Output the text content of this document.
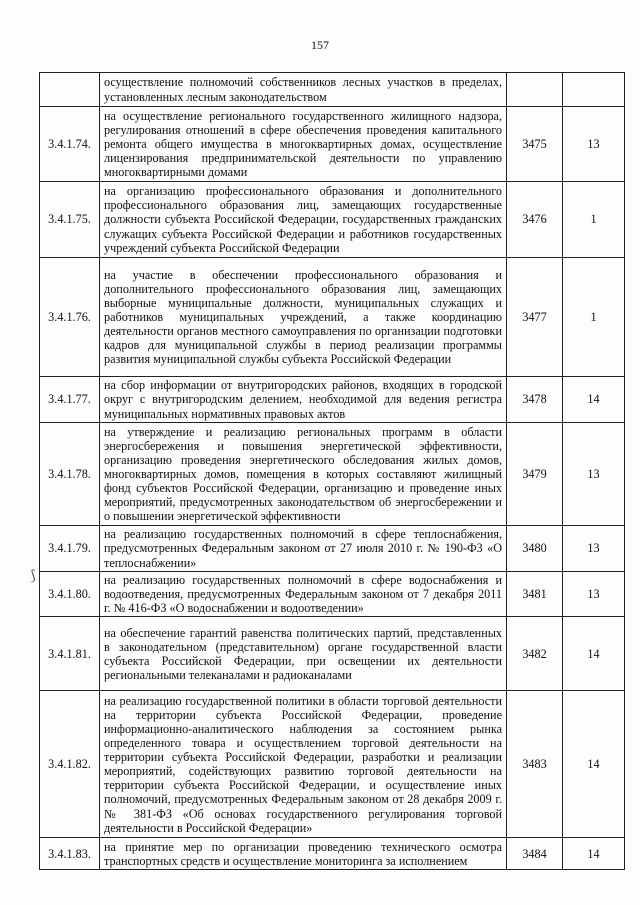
157
⟆
	осуществление полномочий собственников лесных участков в пределах, установленных лесным законодательством		
3.4.1.74.	на осуществление регионального государственного жилищного надзора, регулирования отношений в сфере обеспечения проведения капитального ремонта общего имущества в многоквартирных домах, осуществление лицензирования предпринимательской деятельности по управлению многоквартирными домами	3475	13
3.4.1.75.	на организацию профессионального образования и дополнительного профессионального образования лиц, замещающих государственные должности субъекта Российской Федерации, государственных гражданских служащих субъекта Российской Федерации и работников государственных учреждений субъекта Российской Федерации	3476	1
3.4.1.76.	на участие в обеспечении профессионального образования и дополнительного профессионального образования лиц, замещающих выборные муниципальные должности, муниципальных служащих и работников муниципальных учреждений, а также координацию деятельности органов местного самоуправления по организации подготовки кадров для муниципальной службы в период реализации программы развития муниципальной службы субъекта Российской Федерации	3477	1
3.4.1.77.	на сбор информации от внутригородских районов, входящих в городской округ с внутригородским делением, необходимой для ведения регистра муниципальных нормативных правовых актов	3478	14
3.4.1.78.	на утверждение и реализацию региональных программ в области энергосбережения и повышения энергетической эффективности, организацию проведения энергетического обследования жилых домов, многоквартирных домов, помещения в которых составляют жилищный фонд субъектов Российской Федерации, организацию и проведение иных мероприятий, предусмотренных законодательством об энергосбережении и о повышении энергетической эффективности	3479	13
3.4.1.79.	на реализацию государственных полномочий в сфере теплоснабжения, предусмотренных Федеральным законом от 27 июля 2010 г. № 190-ФЗ «О теплоснабжении»	3480	13
3.4.1.80.	на реализацию государственных полномочий в сфере водоснабжения и водоотведения, предусмотренных Федеральным законом от 7 декабря 2011 г. № 416-ФЗ «О водоснабжении и водоотведении»	3481	13
3.4.1.81.	на обеспечение гарантий равенства политических партий, представленных в законодательном (представительном) органе государственной власти субъекта Российской Федерации, при освещении их деятельности региональными телеканалами и радиоканалами	3482	14
3.4.1.82.	на реализацию государственной политики в области торговой деятельности на территории субъекта Российской Федерации, проведение информационно-аналитического наблюдения за состоянием рынка определенного товара и осуществлением торговой деятельности на территории субъекта Российской Федерации, разработки и реализации мероприятий, содействующих развитию торговой деятельности на территории субъекта Российской Федерации, и осуществление иных полномочий, предусмотренных Федеральным законом от 28 декабря 2009 г. № 381-ФЗ «Об основах государственного регулирования торговой деятельности в Российской Федерации»	3483	14
3.4.1.83.	на принятие мер по организации проведению технического осмотра транспортных средств и осуществление мониторинга за исполнением	3484	14
